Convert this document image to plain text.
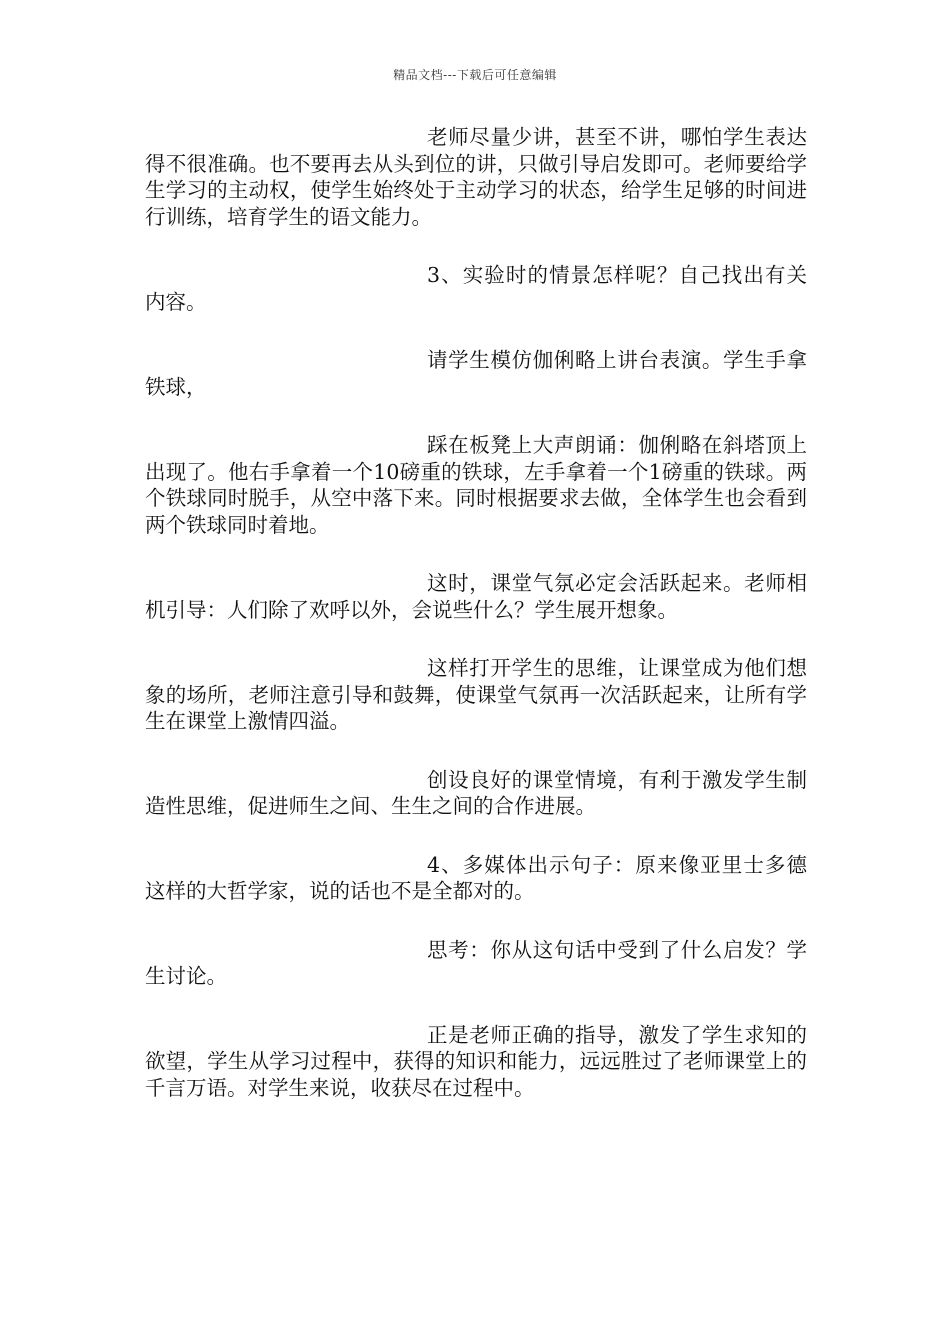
精品文档---下载后可任意编辑

老师尽量少讲，甚至不讲，哪怕学生表达得不很准确。也不要再去从头到位的讲，只做引导启发即可。老师要给学生学习的主动权，使学生始终处于主动学习的状态，给学生足够的时间进行训练，培育学生的语文能力。

3、实验时的情景怎样呢？自己找出有关内容。

请学生模仿伽俐略上讲台表演。学生手拿铁球，

踩在板凳上大声朗诵：伽俐略在斜塔顶上出现了。他右手拿着一个10磅重的铁球，左手拿着一个1磅重的铁球。两个铁球同时脱手，从空中落下来。同时根据要求去做，全体学生也会看到两个铁球同时着地。

这时，课堂气氛必定会活跃起来。老师相机引导：人们除了欢呼以外，会说些什么？学生展开想象。

这样打开学生的思维，让课堂成为他们想象的场所，老师注意引导和鼓舞，使课堂气氛再一次活跃起来，让所有学生在课堂上激情四溢。

创设良好的课堂情境，有利于激发学生制造性思维，促进师生之间、生生之间的合作进展。

4、多媒体出示句子：原来像亚里士多德这样的大哲学家，说的话也不是全都对的。

思考：你从这句话中受到了什么启发？学生讨论。

正是老师正确的指导，激发了学生求知的欲望，学生从学习过程中，获得的知识和能力，远远胜过了老师课堂上的千言万语。对学生来说，收获尽在过程中。
